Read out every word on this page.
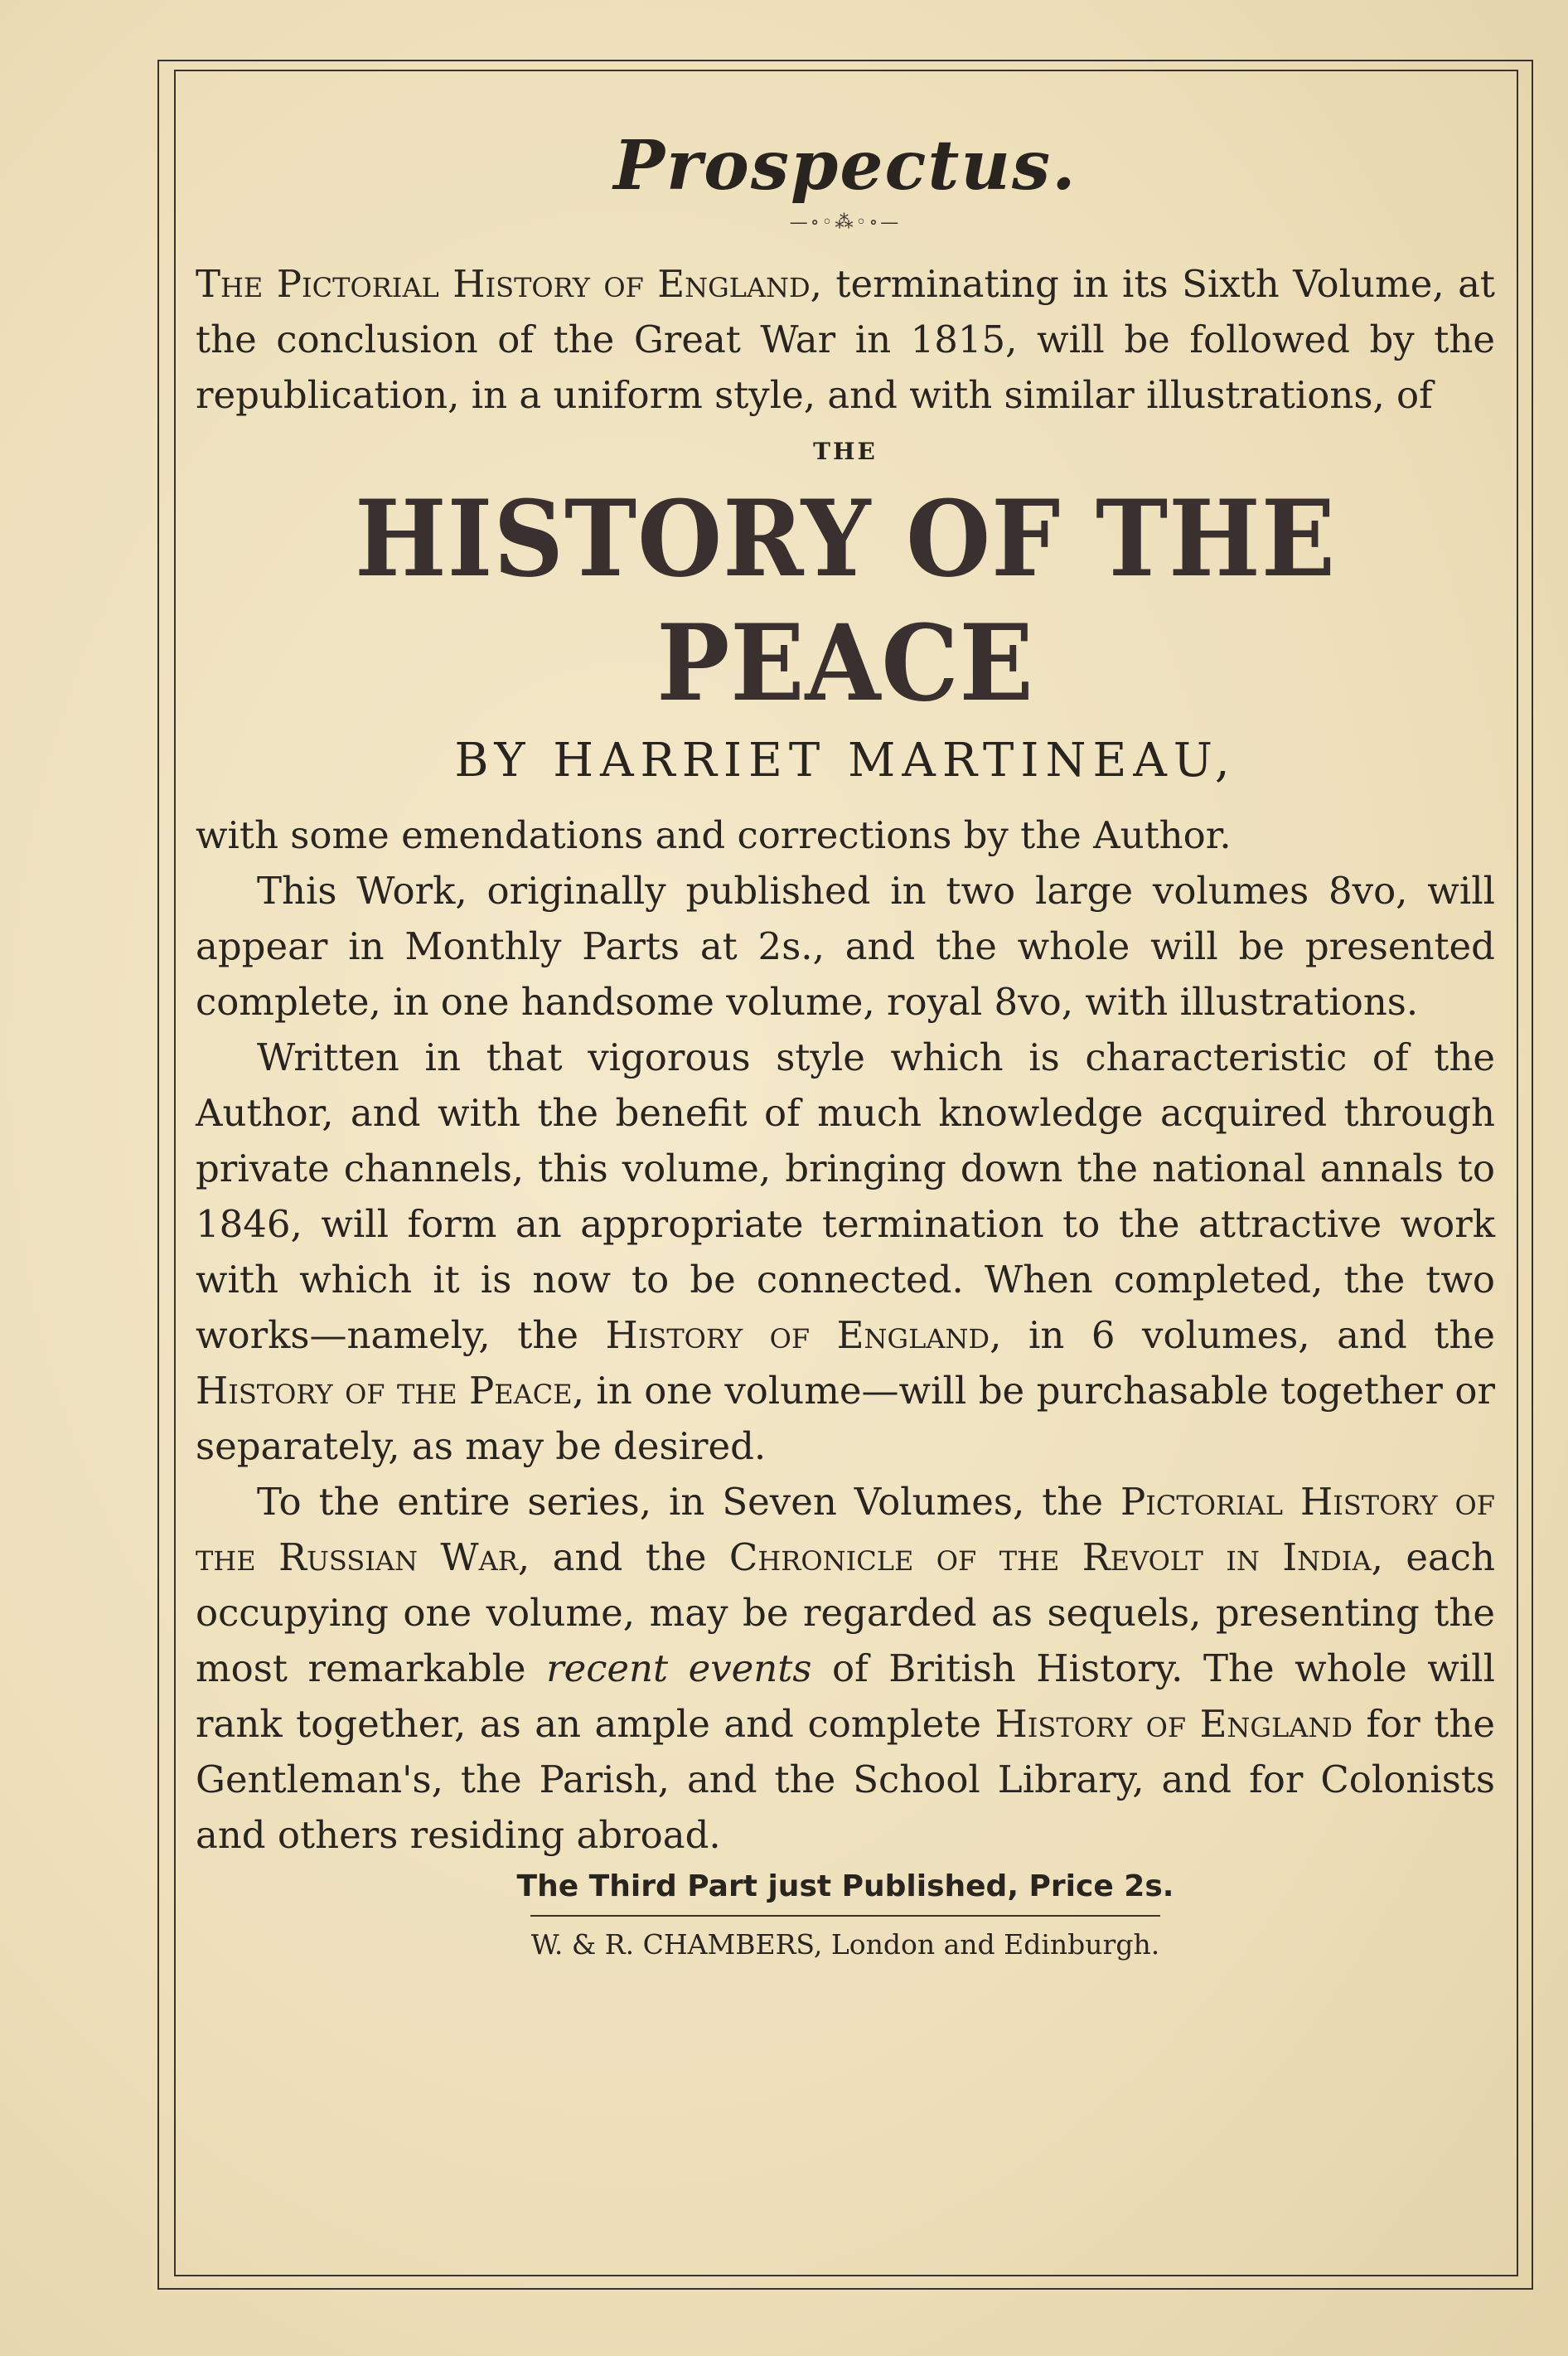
Prospectus.
—∘◦⁂◦∘—

The Pictorial History of England, terminating in its Sixth Volume, at the conclusion of the Great War in 1815, will be followed by the republication, in a uniform style, and with similar illustrations, of

THE
HISTORY OF THE PEACE
BY HARRIET MARTINEAU,

with some emendations and corrections by the Author.

This Work, originally published in two large volumes 8vo, will appear in Monthly Parts at 2s., and the whole will be presented complete, in one handsome volume, royal 8vo, with illustrations.

Written in that vigorous style which is characteristic of the Author, and with the benefit of much knowledge acquired through private channels, this volume, bringing down the national annals to 1846, will form an appropriate termination to the attractive work with which it is now to be connected. When completed, the two works—namely, the History of England, in 6 volumes, and the History of the Peace, in one volume—will be purchasable together or separately, as may be desired.

To the entire series, in Seven Volumes, the Pictorial History of the Russian War, and the Chronicle of the Revolt in India, each occupying one volume, may be regarded as sequels, presenting the most remarkable recent events of British History. The whole will rank together, as an ample and complete History of England for the Gentleman's, the Parish, and the School Library, and for Colonists and others residing abroad.

The Third Part just Published, Price 2s.
W. & R. CHAMBERS, London and Edinburgh.
